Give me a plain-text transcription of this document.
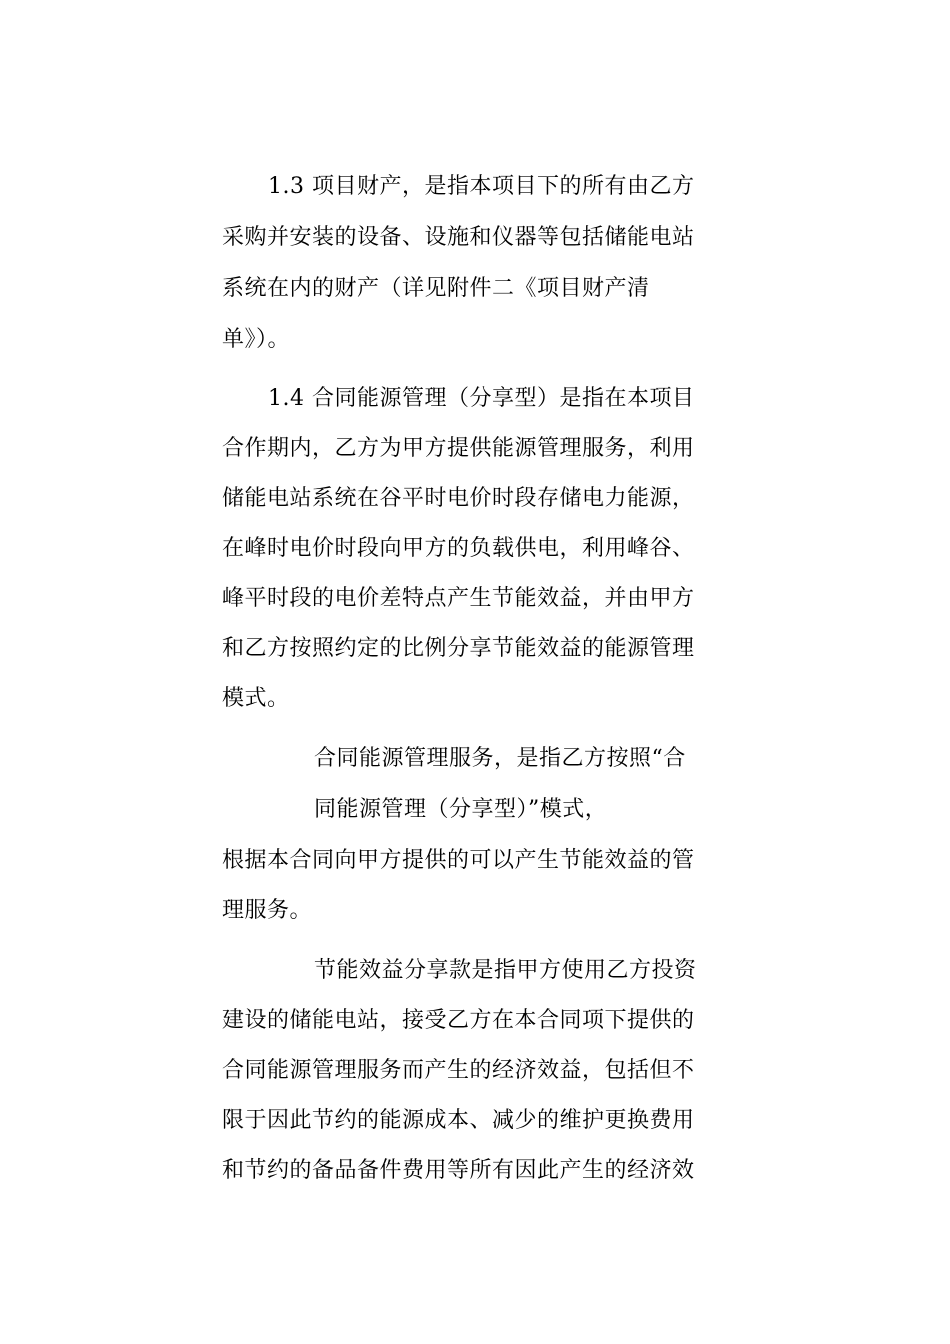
1.3 项目财产，是指本项目下的所有由乙方
采购并安装的设备、设施和仪器等包括储能电站
系统在内的财产（详见附件二《项目财产清
单》）。
1.4 合同能源管理（分享型）是指在本项目
合作期内，乙方为甲方提供能源管理服务，利用
储能电站系统在谷平时电价时段存储电力能源，
在峰时电价时段向甲方的负载供电，利用峰谷、
峰平时段的电价差特点产生节能效益，并由甲方
和乙方按照约定的比例分享节能效益的能源管理
模式。
合同能源管理服务，是指乙方按照“合
同能源管理（分享型）”模式，
根据本合同向甲方提供的可以产生节能效益的管
理服务。
节能效益分享款是指甲方使用乙方投资
建设的储能电站，接受乙方在本合同项下提供的
合同能源管理服务而产生的经济效益，包括但不
限于因此节约的能源成本、减少的维护更换费用
和节约的备品备件费用等所有因此产生的经济效
